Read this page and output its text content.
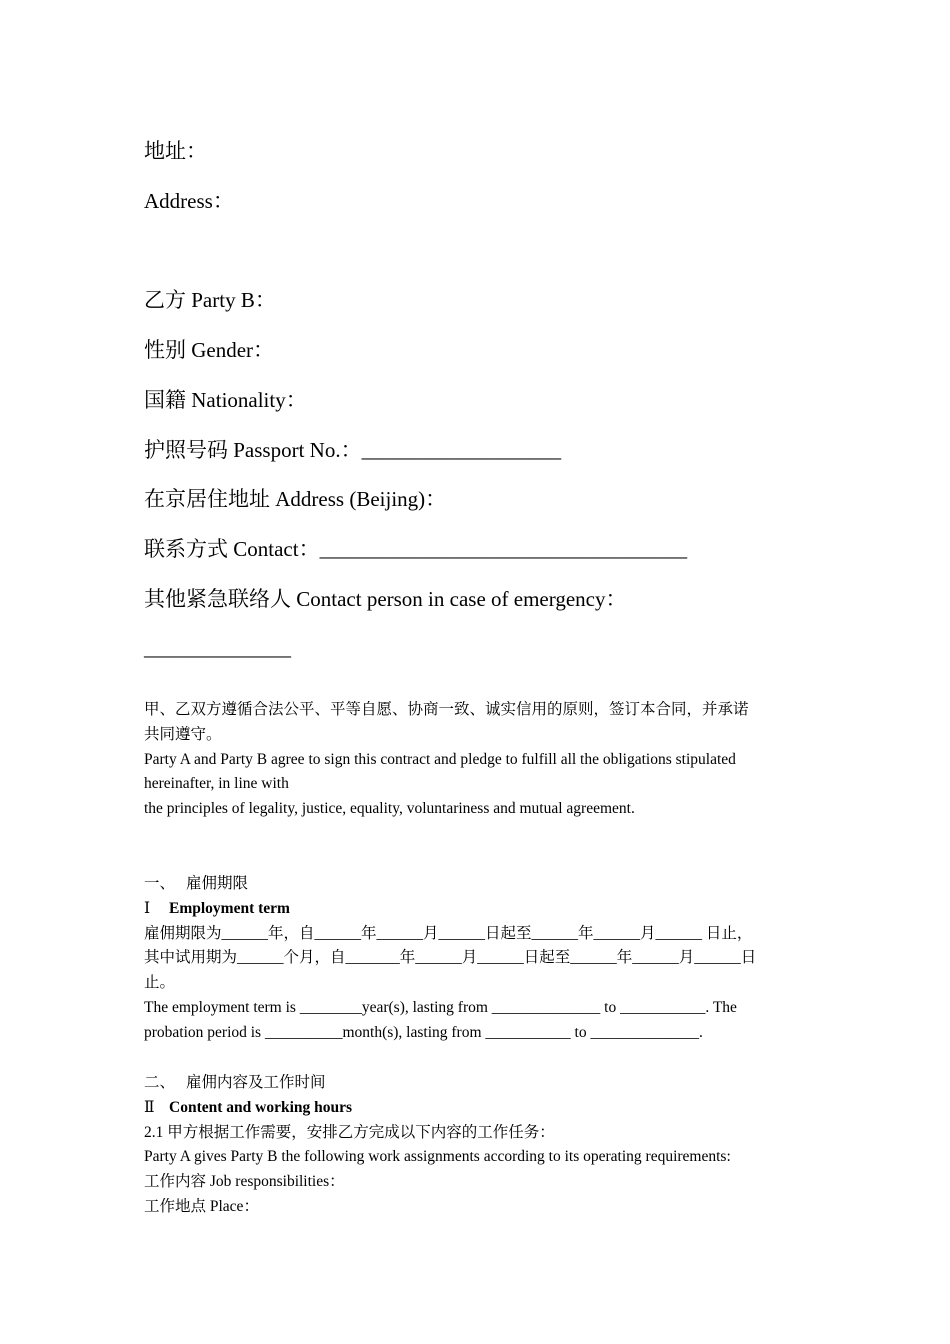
地址：
Address：
乙方 Party B：
性别 Gender：
国籍 Nationality：
护照号码 Passport No.：___________________
在京居住地址 Address (Beijing)：
联系方式 Contact：___________________________________
其他紧急联络人 Contact person in case of emergency：
______________

甲、乙双方遵循合法公平、平等自愿、协商一致、诚实信用的原则，签订本合同，并承诺

共同遵守。

Party A and Party B agree to sign this contract and pledge to fulfill all the obligations stipulated

hereinafter, in line with

the principles of legality, justice, equality, voluntariness and mutual agreement.

一、 雇佣期限

Ⅰ Employment term

雇佣期限为______年，自______年______月______日起至______年______月______ 日止，

其中试用期为______个月，自_______年______月______日起至______年______月______日

止。

The employment term is ________year(s), lasting from ______________ to ___________. The

probation period is __________month(s), lasting from ___________ to ______________.

二、 雇佣内容及工作时间

Ⅱ Content and working hours

2.1 甲方根据工作需要，安排乙方完成以下内容的工作任务：

Party A gives Party B the following work assignments according to its operating requirements:

工作内容 Job responsibilities：

工作地点 Place：
